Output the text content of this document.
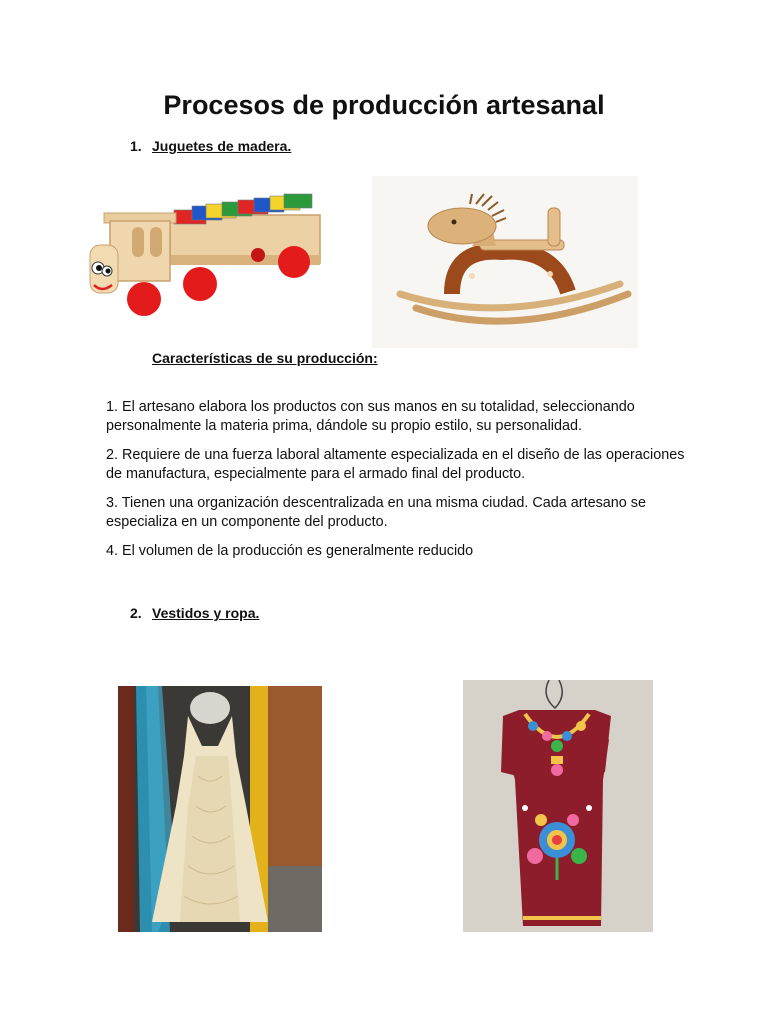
Procesos de producción artesanal
1. Juguetes de madera.
Características de su producción:

1. El artesano elabora los productos con sus manos en su totalidad, seleccionando personalmente la materia prima, dándole su propio estilo, su personalidad.

2. Requiere de una fuerza laboral altamente especializada en el diseño de las operaciones de manufactura, especialmente para el armado final del producto.

3. Tienen una organización descentralizada en una misma ciudad. Cada artesano se especializa en un componente del producto.

4. El volumen de la producción es generalmente reducido

2. Vestidos y ropa.
